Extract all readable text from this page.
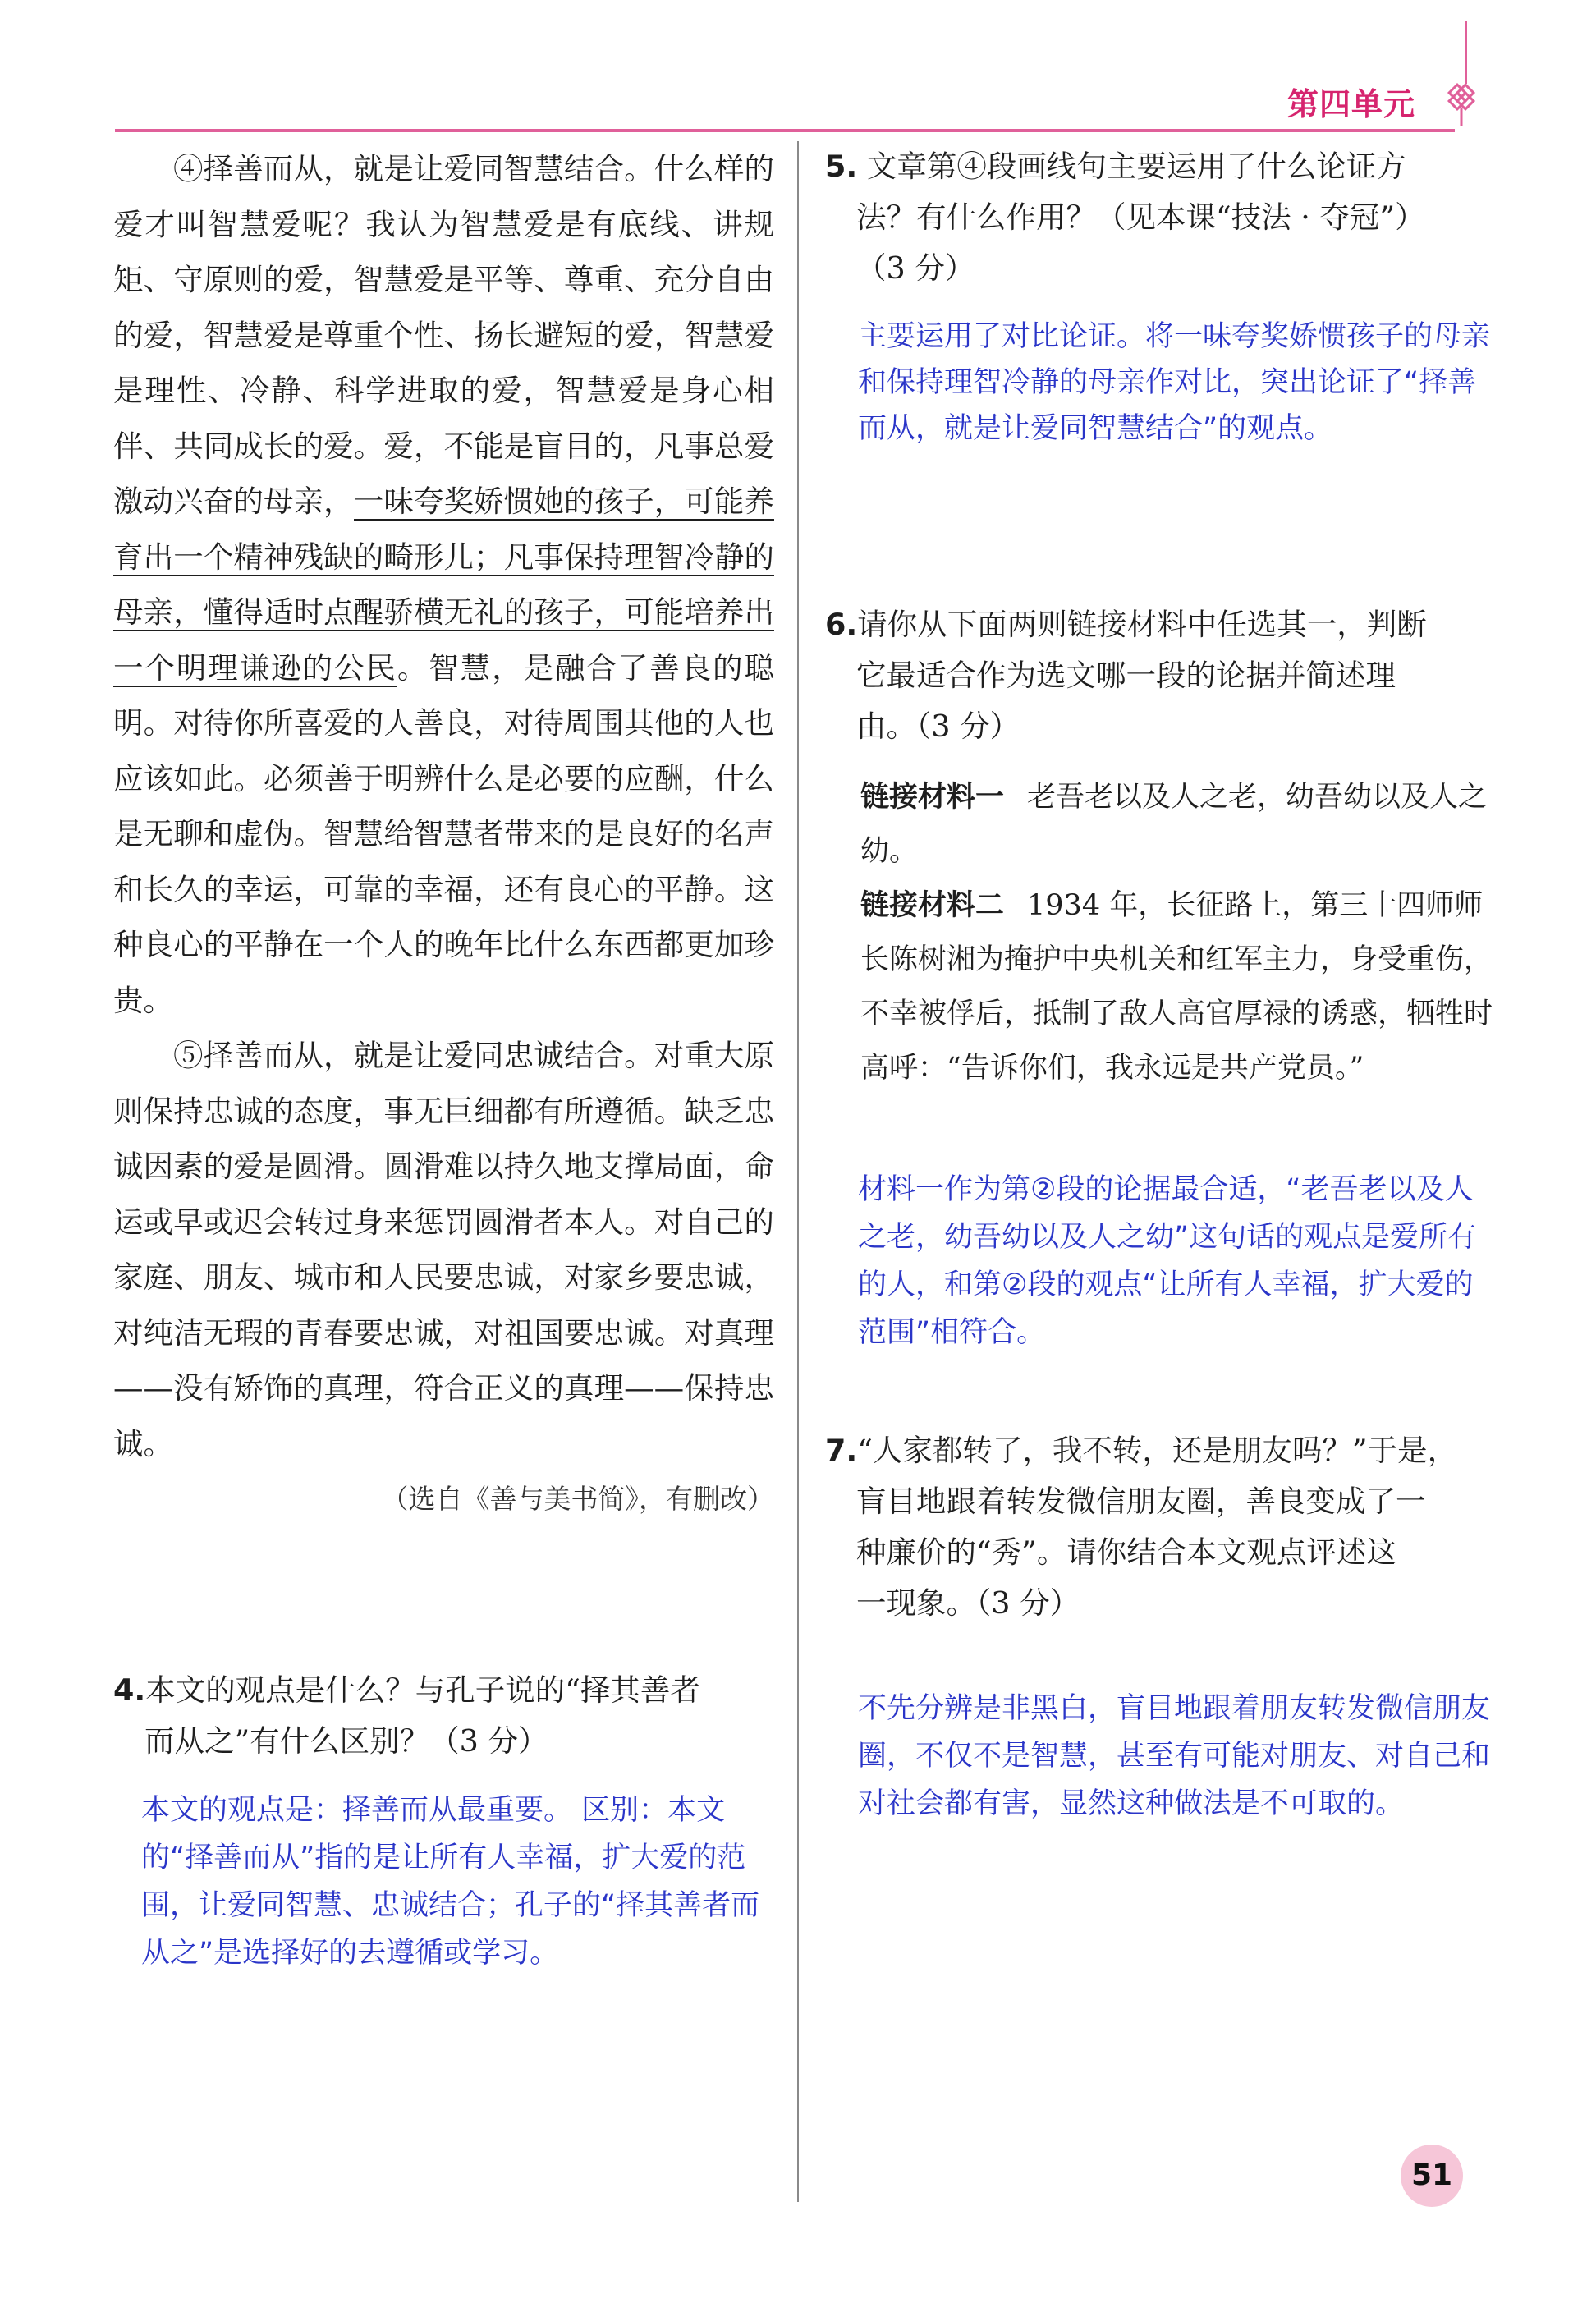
第四单元

④择善而从，就是让爱同智慧结合。什么样的爱才叫智慧爱呢？我认为智慧爱是有底线、讲规矩、守原则的爱，智慧爱是平等、尊重、充分自由的爱，智慧爱是尊重个性、扬长避短的爱，智慧爱是理性、冷静、科学进取的爱，智慧爱是身心相伴、共同成长的爱。爱，不能是盲目的，凡事总爱激动兴奋的母亲，一味夸奖娇惯她的孩子，可能养育出一个精神残缺的畸形儿；凡事保持理智冷静的母亲，懂得适时点醒骄横无礼的孩子，可能培养出一个明理谦逊的公民。智慧，是融合了善良的聪明。对待你所喜爱的人善良，对待周围其他的人也应该如此。必须善于明辨什么是必要的应酬，什么是无聊和虚伪。智慧给智慧者带来的是良好的名声和长久的幸运，可靠的幸福，还有良心的平静。这种良心的平静在一个人的晚年比什么东西都更加珍贵。

⑤择善而从，就是让爱同忠诚结合。对重大原则保持忠诚的态度，事无巨细都有所遵循。缺乏忠诚因素的爱是圆滑。圆滑难以持久地支撑局面，命运或早或迟会转过身来惩罚圆滑者本人。对自己的家庭、朋友、城市和人民要忠诚，对家乡要忠诚，对纯洁无瑕的青春要忠诚，对祖国要忠诚。对真理——没有矫饰的真理，符合正义的真理——保持忠诚。

（选自《善与美书简》，有删改）

4.本文的观点是什么？与孔子说的“择其善者

而从之”有什么区别？（3 分）

本文的观点是：择善而从最重要。 区别：本文的“择善而从”指的是让所有人幸福，扩大爱的范围，让爱同智慧、忠诚结合；孔子的“择其善者而从之”是选择好的去遵循或学习。

5. 文章第④段画线句主要运用了什么论证方

法？有什么作用？（见本课“技法 · 夺冠”）

（3 分）

主要运用了对比论证。将一味夸奖娇惯孩子的母亲和保持理智冷静的母亲作对比，突出论证了“择善而从，就是让爱同智慧结合”的观点。

6.请你从下面两则链接材料中任选其一，判断

它最适合作为选文哪一段的论据并简述理

由。（3 分）

链接材料一 老吾老以及人之老，幼吾幼以及人之幼。

链接材料二 1934 年，长征路上，第三十四师师长陈树湘为掩护中央机关和红军主力，身受重伤，不幸被俘后，抵制了敌人高官厚禄的诱惑，牺牲时高呼：“告诉你们，我永远是共产党员。”

材料一作为第②段的论据最合适，“老吾老以及人之老，幼吾幼以及人之幼”这句话的观点是爱所有的人，和第②段的观点“让所有人幸福，扩大爱的范围”相符合。

7.“人家都转了，我不转，还是朋友吗？”于是，

盲目地跟着转发微信朋友圈，善良变成了一

种廉价的“秀”。请你结合本文观点评述这

一现象。（3 分）

不先分辨是非黑白，盲目地跟着朋友转发微信朋友圈，不仅不是智慧，甚至有可能对朋友、对自己和对社会都有害，显然这种做法是不可取的。

51
